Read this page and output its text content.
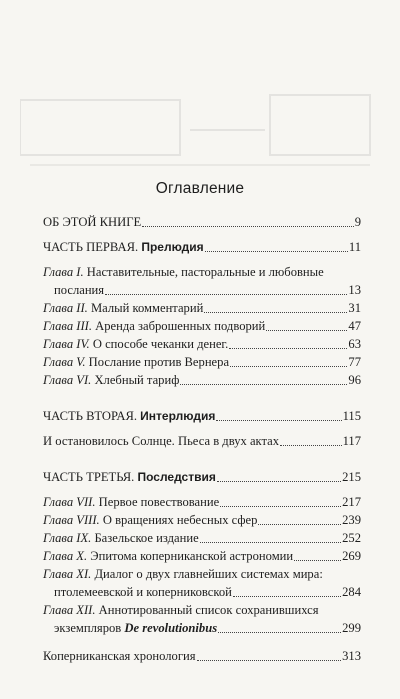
Оглавление
ОБ ЭТОЙ КНИГЕ	9
ЧАСТЬ ПЕРВАЯ. Прелюдия	11
Глава I. Наставительные, пасторальные и любовные
послания	13
Глава II. Малый комментарий	31
Глава III. Аренда заброшенных подворий	47
Глава IV. О способе чеканки денег.	63
Глава V. Послание против Вернера	77
Глава VI. Хлебный тариф	96
ЧАСТЬ ВТОРАЯ. Интерлюдия	115
И остановилось Солнце. Пьеса в двух актах	117
ЧАСТЬ ТРЕТЬЯ. Последствия	215
Глава VII. Первое повествование	217
Глава VIII. О вращениях небесных сфер	239
Глава IX. Базельское издание	252
Глава X. Эпитома коперниканской астрономии	269
Глава XI. Диалог о двух главнейших системах мира:
птолемеевской и коперниковской	284
Глава XII. Аннотированный список сохранившихся
экземпляров De revolutionibus	299
Коперниканская хронология	313
